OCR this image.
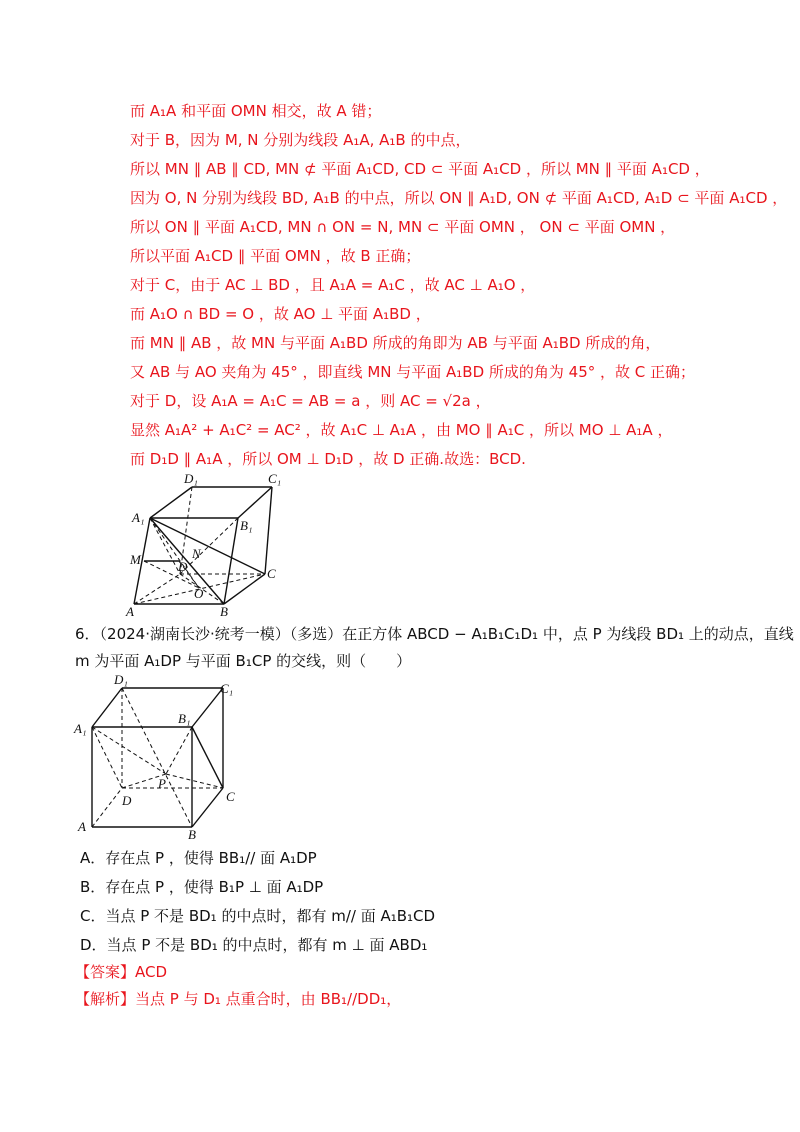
而 A₁A 和平面 OMN 相交，故 A 错；
对于 B，因为 M, N 分别为线段 A₁A, A₁B 的中点，
所以 MN ∥ AB ∥ CD, MN ⊄ 平面 A₁CD, CD ⊂ 平面 A₁CD ，所以 MN ∥ 平面 A₁CD ，
因为 O, N 分别为线段 BD, A₁B 的中点，所以 ON ∥ A₁D, ON ⊄ 平面 A₁CD, A₁D ⊂ 平面 A₁CD ，
所以 ON ∥ 平面 A₁CD, MN ∩ ON = N, MN ⊂ 平面 OMN ， ON ⊂ 平面 OMN ，
所以平面 A₁CD ∥ 平面 OMN ，故 B 正确；
对于 C，由于 AC ⊥ BD ，且 A₁A = A₁C ，故 AC ⊥ A₁O ，
而 A₁O ∩ BD = O ，故 AO ⊥ 平面 A₁BD ，
而 MN ∥ AB ，故 MN 与平面 A₁BD 所成的角即为 AB 与平面 A₁BD 所成的角，
又 AB 与 AO 夹角为 45° ，即直线 MN 与平面 A₁BD 所成的角为 45° ，故 C 正确；
对于 D，设 A₁A = A₁C = AB = a ，则 AC = √2a ，
显然 A₁A² + A₁C² = AC² ，故 A₁C ⊥ A₁A ，由 MO ∥ A₁C ，所以 MO ⊥ A₁A ，
而 D₁D ∥ A₁A ，所以 OM ⊥ D₁D ，故 D 正确.故选：BCD.
D₁	C₁
A₁
B₁
M	N
D	C
O
A	B
6．（2024·湖南长沙·统考一模）（多选）在正方体 ABCD − A₁B₁C₁D₁ 中，点 P 为线段 BD₁ 上的动点，直线
m 为平面 A₁DP 与平面 B₁CP 的交线，则（　　）
D₁
C₁
A₁
B₁
P
D	C
A
B
A．存在点 P ，使得 BB₁// 面 A₁DP
B．存在点 P ，使得 B₁P ⊥ 面 A₁DP
C．当点 P 不是 BD₁ 的中点时，都有 m// 面 A₁B₁CD
D．当点 P 不是 BD₁ 的中点时，都有 m ⊥ 面 ABD₁
【答案】ACD
【解析】当点 P 与 D₁ 点重合时，由 BB₁//DD₁，
